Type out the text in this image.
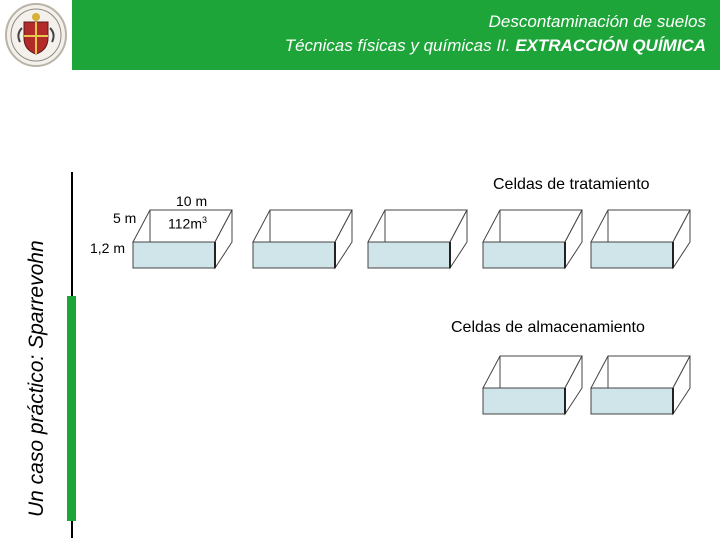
Descontaminación de suelos
Técnicas físicas y químicas II. EXTRACCIÓN QUÍMICA
Un caso práctico: Sparrevohn
10 m
5 m $112m^3$
1,2 m
Celdas de tratamiento
Celdas de almacenamiento
